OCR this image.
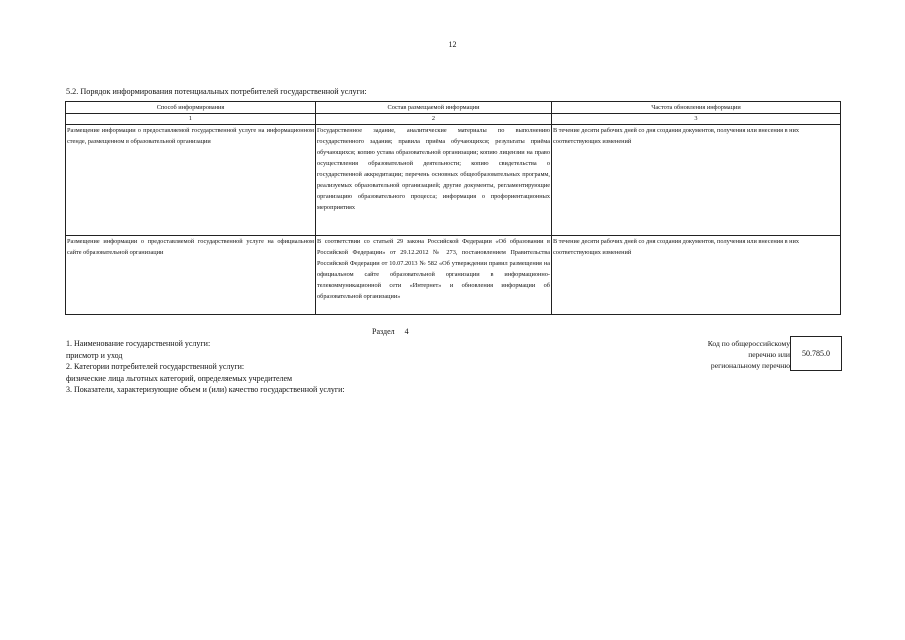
12
5.2. Порядок информирования потенциальных потребителей государственной услуги:
Способ информирования	Состав размещаемой информации	Частота обновления информации
1	2	3
Размещение информации о предоставляемой государственной услуге на информационном стенде, размещенном в образовательной организации	Государственное задание, аналитические материалы по выполнению государственного задания; правила приёма обучающихся; результаты приёма обучающихся; копию устава образовательной организации; копию лицензии на право осуществления образовательной деятельности; копию свидетельства о государственной аккредитации; перечень основных общеобразовательных программ, реализуемых образовательной организацией; другие документы, регламентирующие организацию образовательного процесса; информация о профориентационных мероприятиях	В течение десяти рабочих дней со дня создания документов, получения или внесения в них соответствующих изменений
Размещение информации о предоставляемой государственной услуге на официальном сайте образовательной организации	В соответствии со статьей 29 закона Российской Федерации «Об образовании в Российской Федерации» от 29.12.2012 № 273, постановлением Правительства Российской Федерации от 10.07.2013 № 582 «Об утверждении правил размещения на официальном сайте образовательной организации в информационно-телекоммуникационной сети «Интернет» и обновления информации об образовательной организации»	В течение десяти рабочих дней со дня создания документов, получения или внесения в них соответствующих изменений
Раздел 4
1. Наименование государственной услуги:
присмотр и уход
2. Категории потребителей государственной услуги:
физические лица льготных категорий, определяемых учредителем
3. Показатели, характеризующие объем и (или) качество государственной услуги:
Код по общероссийскому
перечню или
региональному перечню
50.785.0
